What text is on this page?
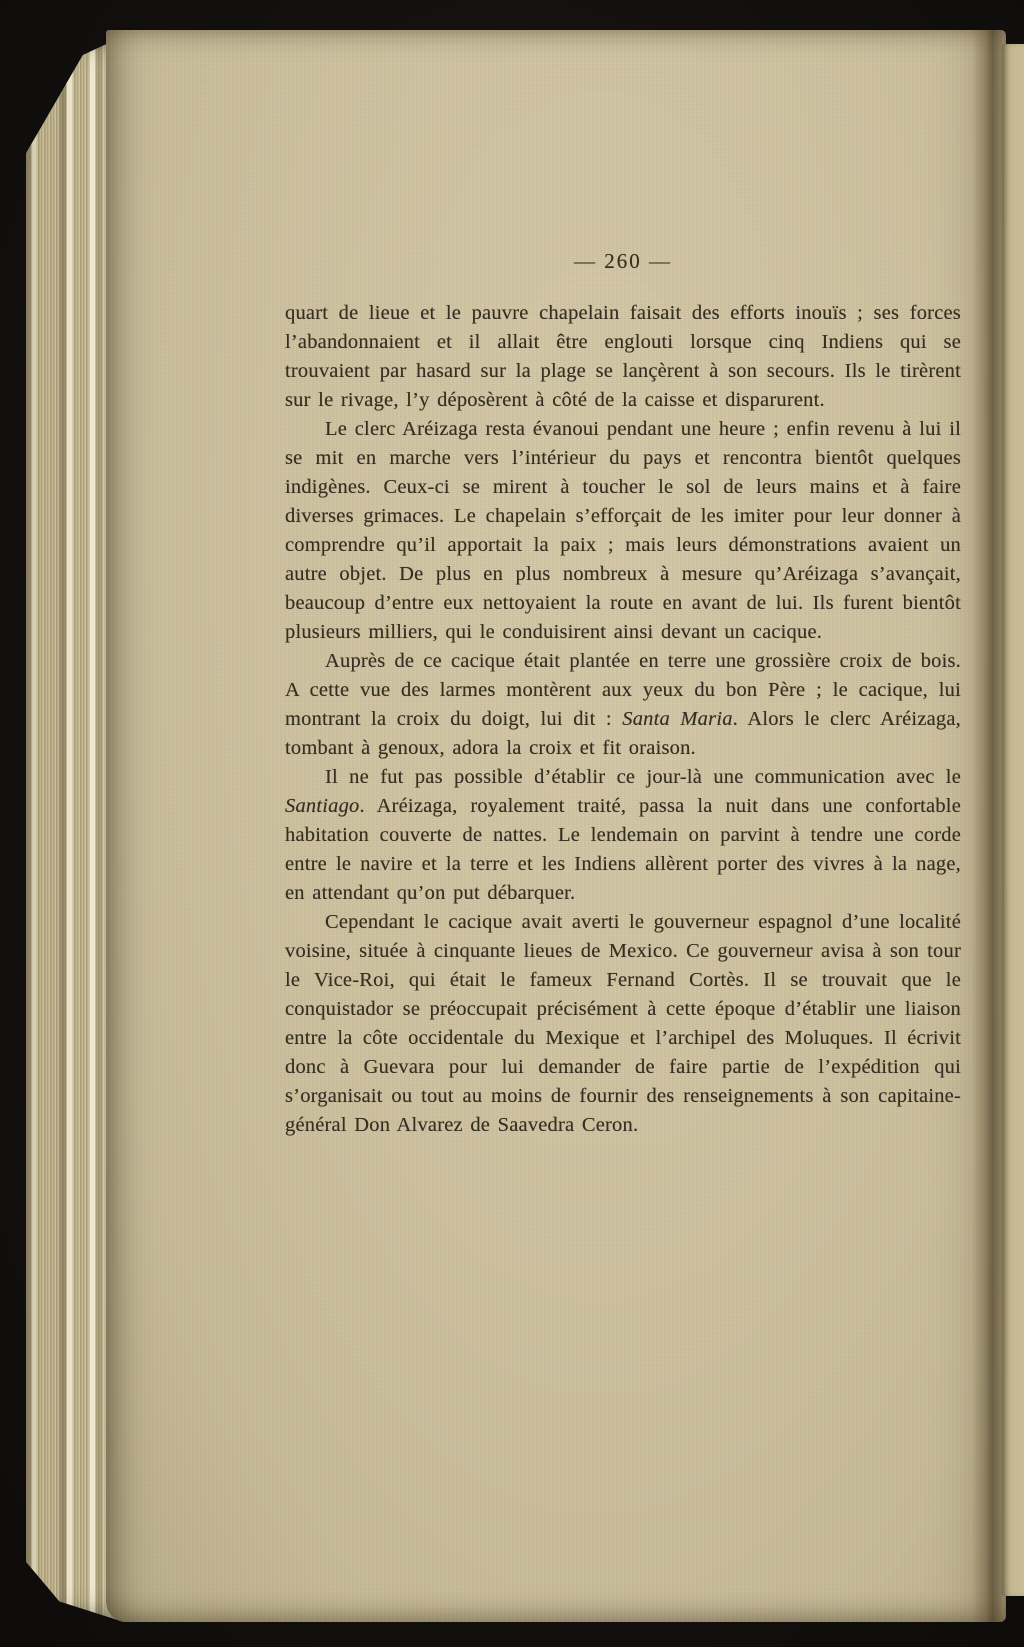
— 260 —

quart de lieue et le pauvre chapelain faisait des efforts inouïs ; ses forces l’abandonnaient et il allait être englouti lorsque cinq Indiens qui se trouvaient par hasard sur la plage se lançèrent à son secours. Ils le tirèrent sur le rivage, l’y déposèrent à côté de la caisse et disparurent.

Le clerc Aréizaga resta évanoui pendant une heure ; enfin revenu à lui il se mit en marche vers l’intérieur du pays et rencontra bientôt quelques indigènes. Ceux-ci se mirent à toucher le sol de leurs mains et à faire diverses grimaces. Le chapelain s’efforçait de les imiter pour leur donner à comprendre qu’il apportait la paix ; mais leurs démonstrations avaient un autre objet. De plus en plus nombreux à mesure qu’Aréizaga s’avançait, beaucoup d’entre eux nettoyaient la route en avant de lui. Ils furent bientôt plusieurs milliers, qui le conduisirent ainsi devant un cacique.

Auprès de ce cacique était plantée en terre une grossière croix de bois. A cette vue des larmes montèrent aux yeux du bon Père ; le cacique, lui montrant la croix du doigt, lui dit : Santa Maria. Alors le clerc Aréizaga, tombant à genoux, adora la croix et fit oraison.

Il ne fut pas possible d’établir ce jour-là une communication avec le Santiago. Aréizaga, royalement traité, passa la nuit dans une confortable habitation couverte de nattes. Le lendemain on parvint à tendre une corde entre le navire et la terre et les Indiens allèrent porter des vivres à la nage, en attendant qu’on put débarquer.

Cependant le cacique avait averti le gouverneur espagnol d’une localité voisine, située à cinquante lieues de Mexico. Ce gouverneur avisa à son tour le Vice-Roi, qui était le fameux Fernand Cortès. Il se trouvait que le conquistador se préoccupait précisément à cette époque d’établir une liaison entre la côte occidentale du Mexique et l’archipel des Moluques. Il écrivit donc à Guevara pour lui demander de faire partie de l’expédition qui s’organisait ou tout au moins de fournir des renseignements à son capitaine-général Don Alvarez de Saavedra Ceron.
